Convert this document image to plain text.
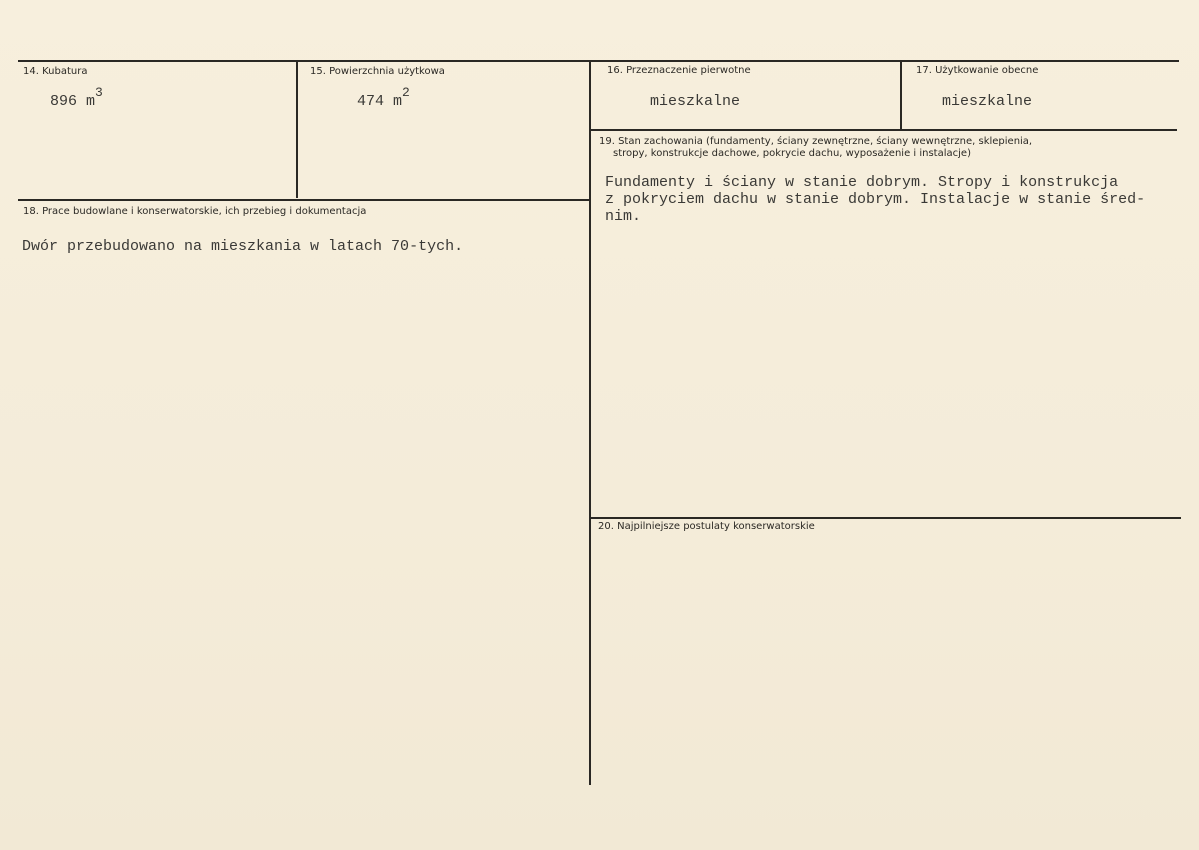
14. Kubatura
896 m3
15. Powierzchnia użytkowa
474 m2
16. Przeznaczenie pierwotne
mieszkalne
17. Użytkowanie obecne
mieszkalne
18. Prace budowlane i konserwatorskie, ich przebieg i dokumentacja
Dwór przebudowano na mieszkania w latach 70-tych.
19. Stan zachowania (fundamenty, ściany zewnętrzne, ściany wewnętrzne, sklepienia,
stropy, konstrukcje dachowe, pokrycie dachu, wyposażenie i instalacje)
Fundamenty i ściany w stanie dobrym. Stropy i konstrukcja
z pokryciem dachu w stanie dobrym. Instalacje w stanie śred-
nim.
20. Najpilniejsze postulaty konserwatorskie
